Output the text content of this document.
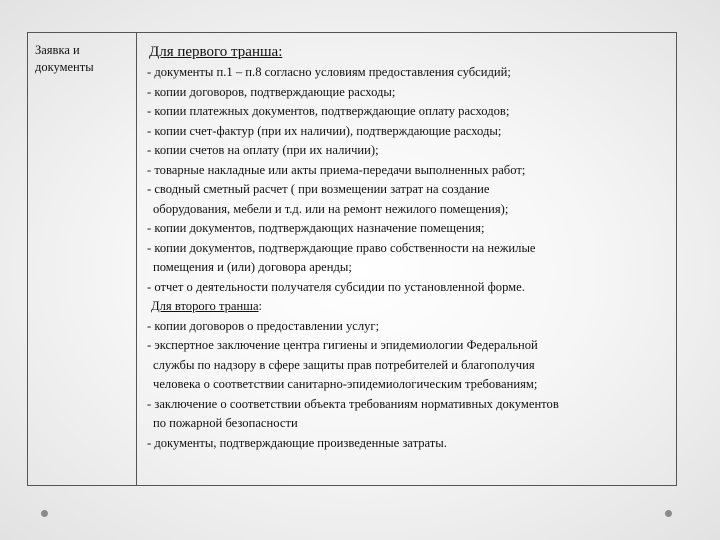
Заявка и
документы
Для первого транша:
- документы п.1 – п.8 согласно условиям предоставления субсидий;
- копии договоров, подтверждающие расходы;
- копии платежных документов, подтверждающие оплату расходов;
- копии счет-фактур (при их наличии), подтверждающие расходы;
- копии счетов на оплату (при их наличии);
- товарные накладные или акты приема-передачи выполненных работ;
- сводный сметный расчет ( при возмещении затрат на создание
оборудования, мебели и т.д. или на ремонт нежилого помещения);
- копии документов, подтверждающих назначение помещения;
- копии документов, подтверждающие право собственности на нежилые
помещения и (или) договора аренды;
- отчет о деятельности получателя субсидии по установленной форме.
Для второго транша:
- копии договоров о предоставлении услуг;
- экспертное заключение центра гигиены и эпидемиологии Федеральной
службы по надзору в сфере защиты прав потребителей и благополучия
человека о соответствии санитарно-эпидемиологическим требованиям;
- заключение о соответствии объекта требованиям нормативных документов
по пожарной безопасности
- документы, подтверждающие произведенные затраты.
